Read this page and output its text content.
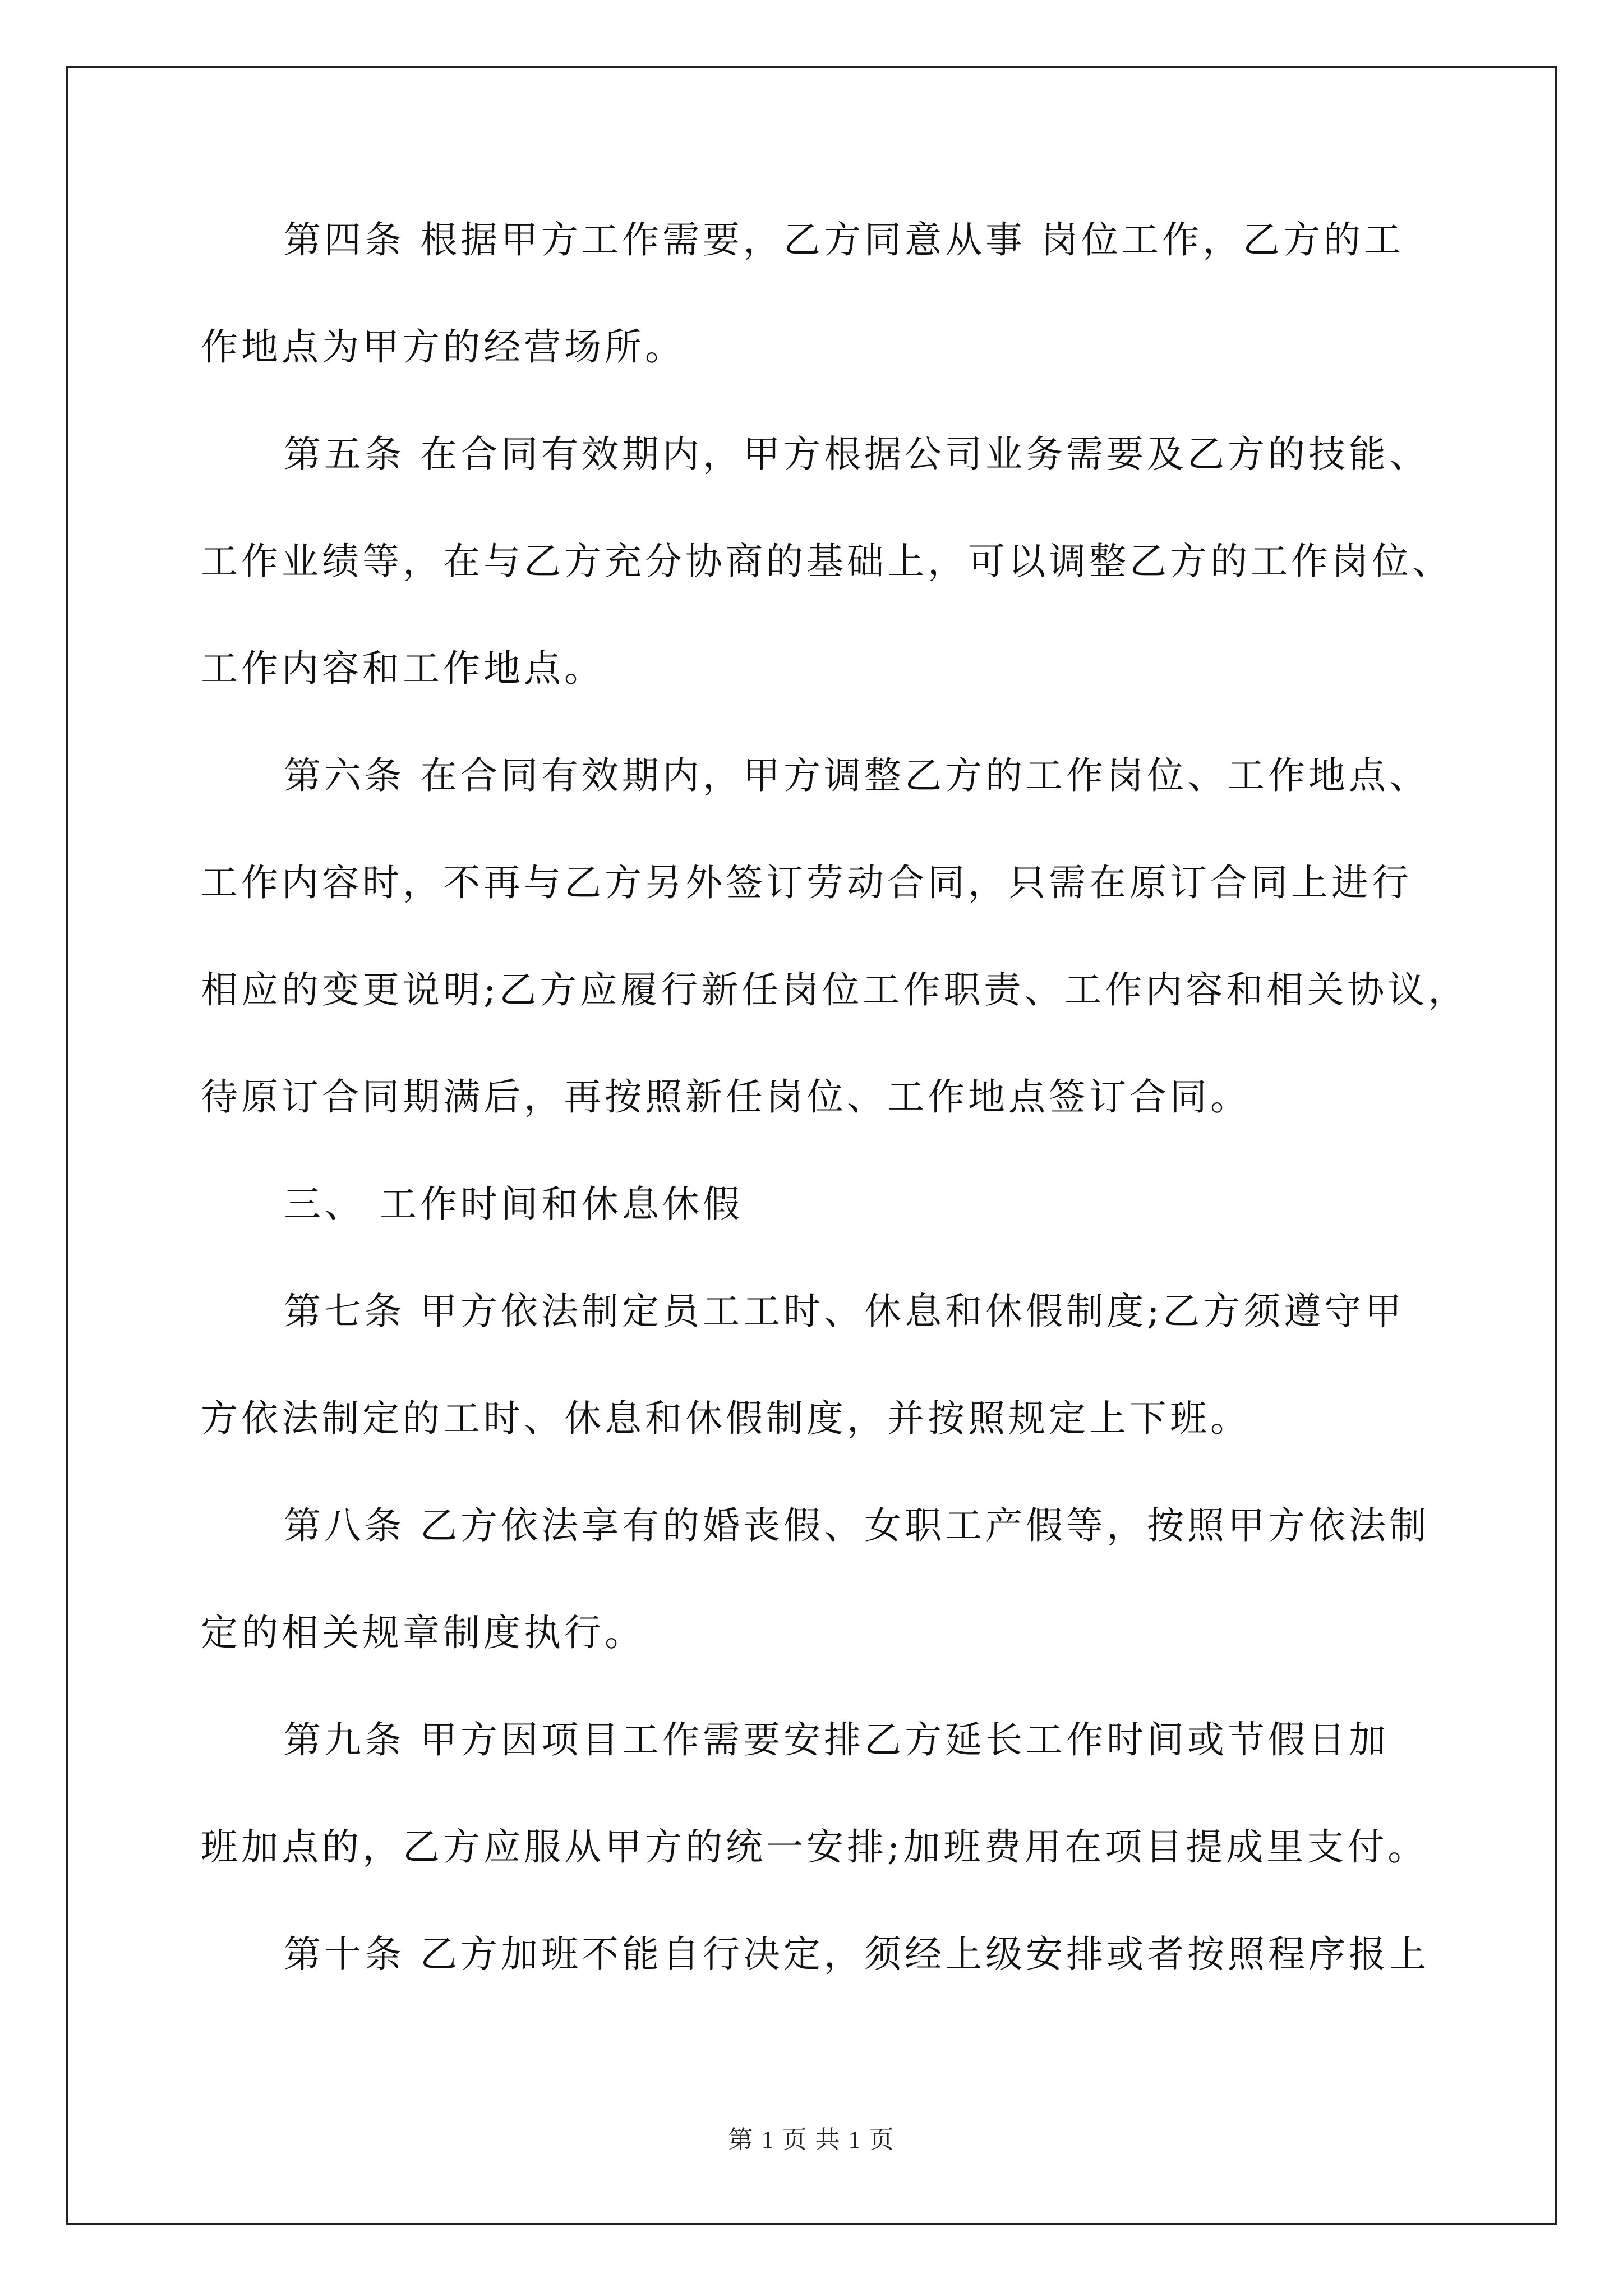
第四条 根据甲方工作需要，乙方同意从事 岗位工作，乙方的工
作地点为甲方的经营场所。
第五条 在合同有效期内，甲方根据公司业务需要及乙方的技能、
工作业绩等，在与乙方充分协商的基础上，可以调整乙方的工作岗位、
工作内容和工作地点。
第六条 在合同有效期内，甲方调整乙方的工作岗位、工作地点、
工作内容时，不再与乙方另外签订劳动合同，只需在原订合同上进行
相应的变更说明;乙方应履行新任岗位工作职责、工作内容和相关协议，
待原订合同期满后，再按照新任岗位、工作地点签订合同。
三、 工作时间和休息休假
第七条 甲方依法制定员工工时、休息和休假制度;乙方须遵守甲
方依法制定的工时、休息和休假制度，并按照规定上下班。
第八条 乙方依法享有的婚丧假、女职工产假等，按照甲方依法制
定的相关规章制度执行。
第九条 甲方因项目工作需要安排乙方延长工作时间或节假日加
班加点的，乙方应服从甲方的统一安排;加班费用在项目提成里支付。
第十条 乙方加班不能自行决定，须经上级安排或者按照程序报上
第 1 页 共 1 页
